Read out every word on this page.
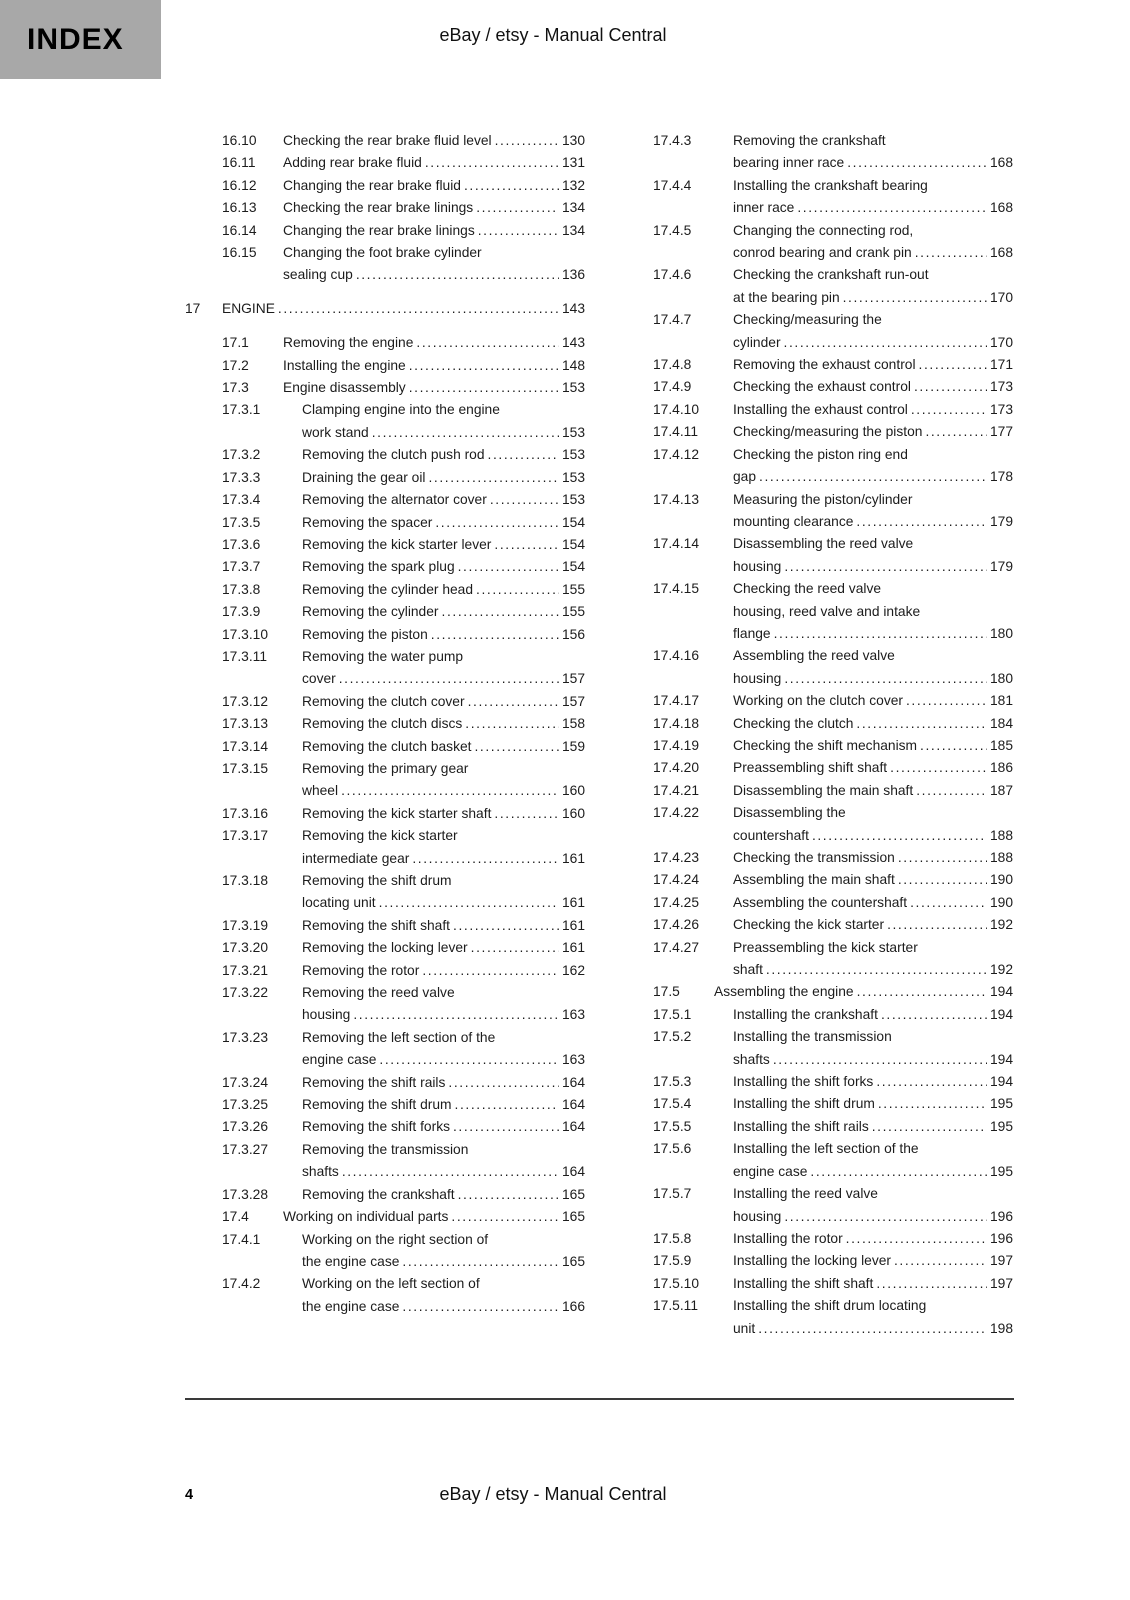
INDEX	eBay / etsy - Manual Central
16.10	Checking the rear brake fluid level .....	130
16.11	Adding rear brake fluid .....	131
16.12	Changing the rear brake fluid .....	132
16.13	Checking the rear brake linings .....	134
16.14	Changing the rear brake linings .....	134
16.15	Changing the foot brake cylinder
sealing cup .....	136
17	ENGINE .....	143
17.1	Removing the engine .....	143
17.2	Installing the engine .....	148
17.3	Engine disassembly .....	153
17.3.1	Clamping engine into the engine
work stand .....	153
17.3.2	Removing the clutch push rod .....	153
17.3.3	Draining the gear oil .....	153
17.3.4	Removing the alternator cover .....	153
17.3.5	Removing the spacer .....	154
17.3.6	Removing the kick starter lever .....	154
17.3.7	Removing the spark plug .....	154
17.3.8	Removing the cylinder head .....	155
17.3.9	Removing the cylinder .....	155
17.3.10	Removing the piston .....	156
17.3.11	Removing the water pump
cover .....	157
17.3.12	Removing the clutch cover .....	157
17.3.13	Removing the clutch discs .....	158
17.3.14	Removing the clutch basket .....	159
17.3.15	Removing the primary gear
wheel .....	160
17.3.16	Removing the kick starter shaft .....	160
17.3.17	Removing the kick starter
intermediate gear .....	161
17.3.18	Removing the shift drum
locating unit .....	161
17.3.19	Removing the shift shaft .....	161
17.3.20	Removing the locking lever .....	161
17.3.21	Removing the rotor .....	162
17.3.22	Removing the reed valve
housing .....	163
17.3.23	Removing the left section of the
engine case .....	163
17.3.24	Removing the shift rails .....	164
17.3.25	Removing the shift drum .....	164
17.3.26	Removing the shift forks .....	164
17.3.27	Removing the transmission
shafts .....	164
17.3.28	Removing the crankshaft .....	165
17.4	Working on individual parts .....	165
17.4.1	Working on the right section of
the engine case .....	165
17.4.2	Working on the left section of
the engine case .....	166
17.4.3	Removing the crankshaft
bearing inner race .....	168
17.4.4	Installing the crankshaft bearing
inner race .....	168
17.4.5	Changing the connecting rod,
conrod bearing and crank pin .....	168
17.4.6	Checking the crankshaft run-out
at the bearing pin .....	170
17.4.7	Checking/measuring the
cylinder .....	170
17.4.8	Removing the exhaust control .....	171
17.4.9	Checking the exhaust control .....	173
17.4.10	Installing the exhaust control .....	173
17.4.11	Checking/measuring the piston .....	177
17.4.12	Checking the piston ring end
gap .....	178
17.4.13	Measuring the piston/cylinder
mounting clearance .....	179
17.4.14	Disassembling the reed valve
housing .....	179
17.4.15	Checking the reed valve
housing, reed valve and intake
flange .....	180
17.4.16	Assembling the reed valve
housing .....	180
17.4.17	Working on the clutch cover .....	181
17.4.18	Checking the clutch .....	184
17.4.19	Checking the shift mechanism .....	185
17.4.20	Preassembling shift shaft .....	186
17.4.21	Disassembling the main shaft .....	187
17.4.22	Disassembling the
countershaft .....	188
17.4.23	Checking the transmission .....	188
17.4.24	Assembling the main shaft .....	190
17.4.25	Assembling the countershaft .....	190
17.4.26	Checking the kick starter .....	192
17.4.27	Preassembling the kick starter
shaft .....	192
17.5	Assembling the engine .....	194
17.5.1	Installing the crankshaft .....	194
17.5.2	Installing the transmission
shafts .....	194
17.5.3	Installing the shift forks .....	194
17.5.4	Installing the shift drum .....	195
17.5.5	Installing the shift rails .....	195
17.5.6	Installing the left section of the
engine case .....	195
17.5.7	Installing the reed valve
housing .....	196
17.5.8	Installing the rotor .....	196
17.5.9	Installing the locking lever .....	197
17.5.10	Installing the shift shaft .....	197
17.5.11	Installing the shift drum locating
unit .....	198
4	eBay / etsy - Manual Central
